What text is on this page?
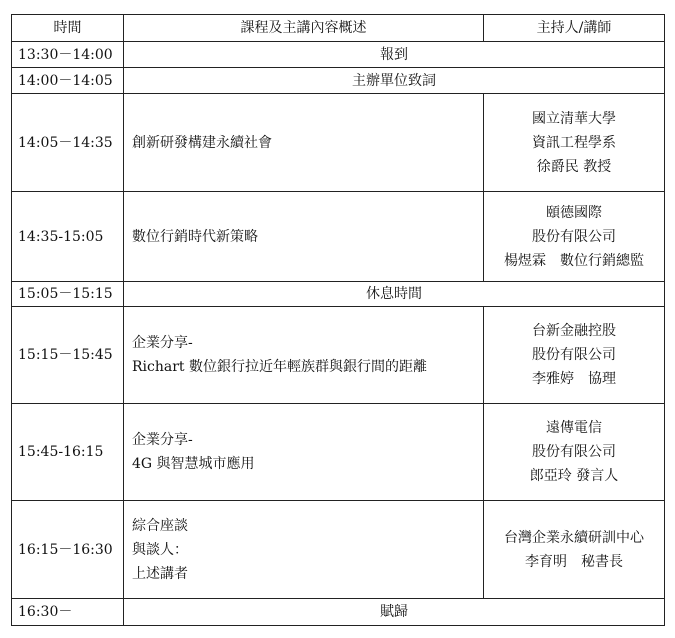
時間	課程及主講內容概述	主持人/講師
13:30－14:00	報到	
14:00－14:05	主辦單位致詞	
14:05－14:35	創新研發構建永續社會	國立清華大學
資訊工程學系
徐爵民 教授

14:35-15:05	數位行銷時代新策略	頤德國際
股份有限公司
楊煜霖　數位行銷總監

15:05－15:15	休息時間	
15:15－15:45	企業分享-
Richart 數位銀行拉近年輕族群與銀行間的距離	台新金融控股
股份有限公司
李雅婷　協理

15:45-16:15	企業分享-
4G 與智慧城市應用	遠傳電信
股份有限公司
郎亞玲 發言人

16:15－16:30	綜合座談
與談人：
上述講者	台灣企業永續研訓中心
李育明　秘書長

16:30－	賦歸	
